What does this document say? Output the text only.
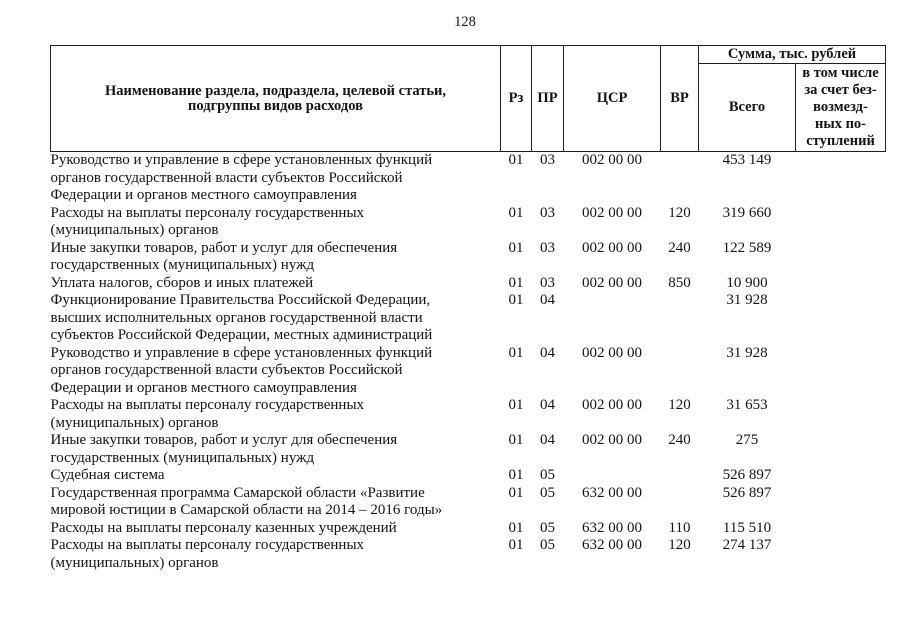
128
Наименование раздела, подраздела, целевой статьи,
подгруппы видов расходов	Рз	ПР	ЦСР	ВР	Сумма, тыс. рублей	
					Всего	в том числе
за счет без-
возмезд-
ных по-
ступлений

Руководство и управление в сфере установленных функций
органов государственной власти субъектов Российской
Федерации и органов местного самоуправления	01	03	002 00 00		453 149	

Расходы на выплаты персоналу государственных
(муниципальных) органов	01	03	002 00 00	120	319 660	

Иные закупки товаров, работ и услуг для обеспечения
государственных (муниципальных) нужд	01	03	002 00 00	240	122 589	

Уплата налогов, сборов и иных платежей	01	03	002 00 00	850	10 900	

Функционирование Правительства Российской Федерации,
высших исполнительных органов государственной власти
субъектов Российской Федерации, местных администраций	01	04			31 928	

Руководство и управление в сфере установленных функций
органов государственной власти субъектов Российской
Федерации и органов местного самоуправления	01	04	002 00 00		31 928	

Расходы на выплаты персоналу государственных
(муниципальных) органов	01	04	002 00 00	120	31 653	

Иные закупки товаров, работ и услуг для обеспечения
государственных (муниципальных) нужд	01	04	002 00 00	240	275	

Судебная система	01	05			526 897	

Государственная программа Самарской области «Развитие
мировой юстиции в Самарской области на 2014 – 2016 годы»	01	05	632 00 00		526 897	

Расходы на выплаты персоналу казенных учреждений	01	05	632 00 00	110	115 510	

Расходы на выплаты персоналу государственных
(муниципальных) органов	01	05	632 00 00	120	274 137	
